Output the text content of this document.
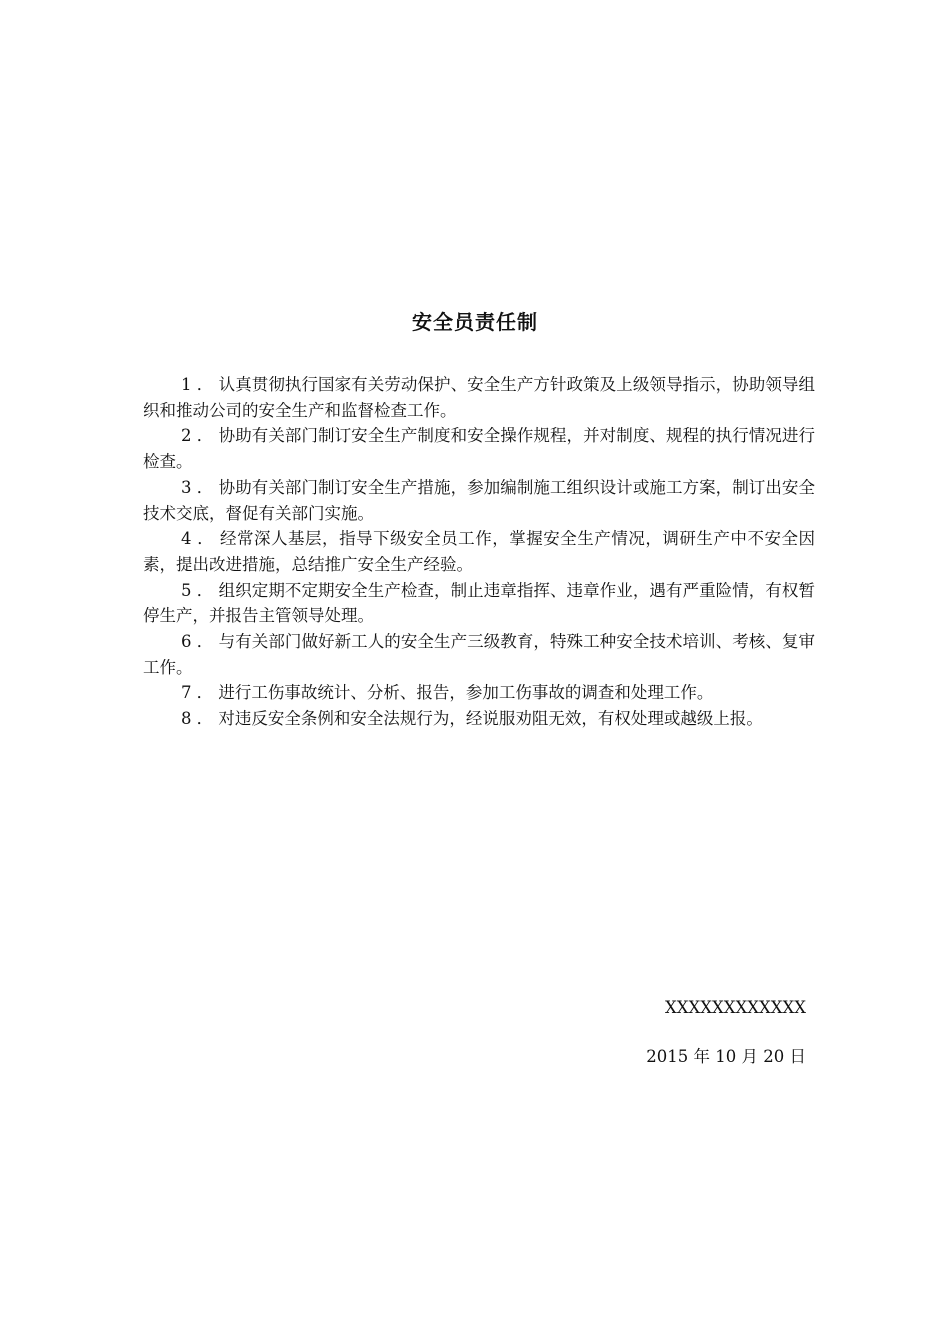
安全员责任制

1 ． 认真贯彻执行国家有关劳动保护、安全生产方针政策及上级领导指示，协助领导组织和推动公司的安全生产和监督检查工作。

2 ． 协助有关部门制订安全生产制度和安全操作规程，并对制度、规程的执行情况进行检查。

3 ． 协助有关部门制订安全生产措施，参加编制施工组织设计或施工方案，制订出安全技术交底，督促有关部门实施。

4 ． 经常深人基层，指导下级安全员工作，掌握安全生产情况，调研生产中不安全因素，提出改进措施，总结推广安全生产经验。

5 ． 组织定期不定期安全生产检查，制止违章指挥、违章作业，遇有严重险情，有权暂停生产，并报告主管领导处理。

6 ． 与有关部门做好新工人的安全生产三级教育，特殊工种安全技术培训、考核、复审工作。

7 ． 进行工伤事故统计、分析、报告，参加工伤事故的调查和处理工作。

8 ． 对违反安全条例和安全法规行为，经说服劝阻无效，有权处理或越级上报。

XXXXXXXXXXXX

2015 年 10 月 20 日
